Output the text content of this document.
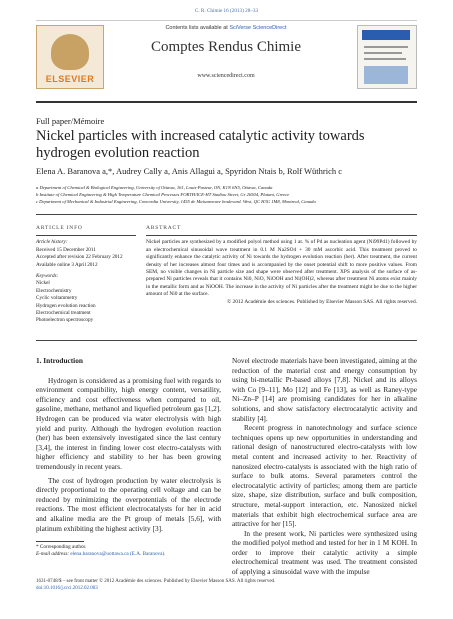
C. R. Chimie 16 (2013) 28–33
ELSEVIER
Contents lists available at SciVerse ScienceDirect
Comptes Rendus Chimie
www.sciencedirect.com
Full paper/Mémoire
Nickel particles with increased catalytic activity towards hydrogen evolution reaction
Elena A. Baranova a,*, Audrey Cally a, Anis Allagui a, Spyridon Ntais b, Rolf Wüthrich c
a Department of Chemical & Biological Engineering, University of Ottawa, 161, Louis-Pasteur, ON, K1N 6N5, Ottawa, Canada
b Institute of Chemical Engineering & High Temperature Chemical Processes FORTH/ICE-HT Stadiou Street, Gr 26504, Platani, Greece
c Department of Mechanical & Industrial Engineering, Concordia University, 1455 de Maisonneuve boulevard. West, QC H3G 1M8, Montreal, Canada
ARTICLE INFO
Article history:
Received 15 December 2011
Accepted after revision 22 February 2012
Available online 3 April 2012
Keywords:
Nickel
Electrochemistry
Cyclic voltammetry
Hydrogen evolution reaction
Electrochemical treatment
Photoelectron spectroscopy
ABSTRACT

Nickel particles are synthesized by a modified polyol method using 1 at. % of Pd as nucleation agent (Ni99Pd1) followed by an electrochemical sinusoidal wave treatment in 0.1 M Na2SO4 + 30 mM ascorbic acid. This treatment proved to significantly enhance the catalytic activity of Ni towards the hydrogen evolution reaction (her). After treatment, the current density of her increases almost four times and is accompanied by the onset potential shift to more positive values. From SEM, no visible changes in Ni particle size and shape were observed after treatment. XPS analysis of the surface of as-prepared Ni particles reveals that it contains Ni0, NiO, NiOOH and Ni(OH)2, whereas after treatment Ni atoms exist mainly in the metallic form and as NiOOH. The increase in the activity of Ni particles after the treatment might be due to the higher amount of Ni0 at the surface.

© 2012 Académie des sciences. Published by Elsevier Masson SAS. All rights reserved.

1. Introduction

Hydrogen is considered as a promising fuel with regards to environment compatibility, high energy content, versatility, efficiency and cost effectiveness when compared to oil, gasoline, methane, methanol and liquefied petroleum gas [1,2]. Hydrogen can be produced via water electrolysis with high yield and purity. Although the hydrogen evolution reaction (her) has been extensively investigated since the last century [3,4], the interest in finding lower cost electro-catalysts with higher efficiency and stability to her has been growing tremendously in recent years.

The cost of hydrogen production by water electrolysis is directly proportional to the operating cell voltage and can be reduced by minimizing the overpotentials of the electrode reactions. The most efficient electrocatalysts for her in acid and alkaline media are the Pt group of metals [5,6], with platinum exhibiting the highest activity [3].

Novel electrode materials have been investigated, aiming at the reduction of the material cost and energy consumption by using bi-metallic Pt-based alloys [7,8]. Nickel and its alloys with Co [9–11], Mo [12] and Fe [13], as well as Raney-type Ni–Zn–P [14] are promising candidates for her in alkaline solutions, and show satisfactory electrocatalytic activity and stability [4].

Recent progress in nanotechnology and surface science techniques opens up new opportunities in understanding and rational design of nanostructured electro-catalysts with low metal content and increased activity to her. Reactivity of nanosized electro-catalysts is associated with the high ratio of surface to bulk atoms. Several parameters control the electrocatalytic activity of particles; among them are particle size, shape, size distribution, surface and bulk composition, structure, metal-support interaction, etc. Nanosized nickel materials that exhibit high electrochemical surface area are attractive for her [15].

In the present work, Ni particles were synthesized using the modified polyol method and tested for her in 1 M KOH. In order to improve their catalytic activity a simple electrochemical treatment was used. The treatment consisted of applying a sinusoidal wave with the impulse

* Corresponding author.
E-mail address: elena.baranova@uottawa.ca (E.A. Baranova).
1631-0748/$ – see front matter © 2012 Académie des sciences. Published by Elsevier Masson SAS. All rights reserved.
doi:10.1016/j.crci.2012.02.003
